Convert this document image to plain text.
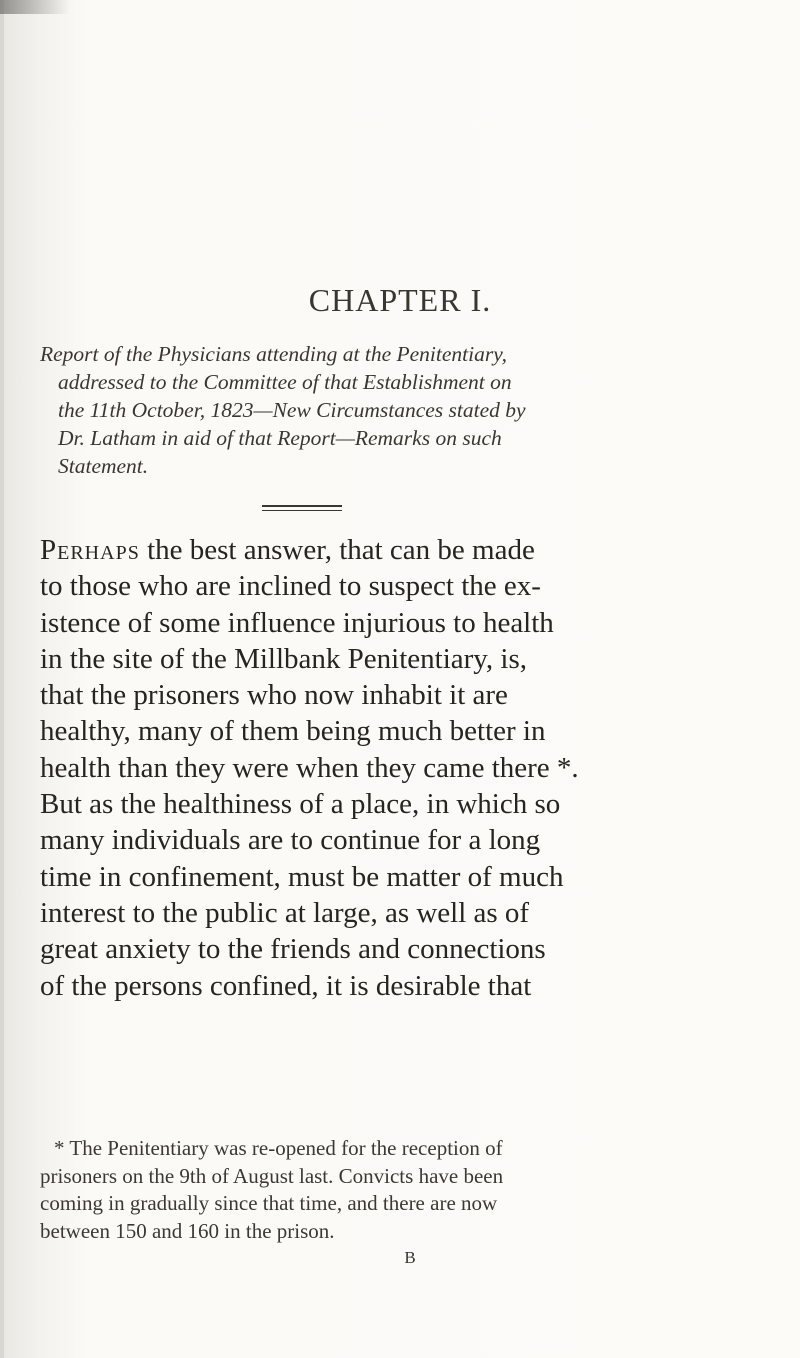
CHAPTER I.
Report of the Physicians attending at the Penitentiary,
addressed to the Committee of that Establishment on
the 11th October, 1823—New Circumstances stated by
Dr. Latham in aid of that Report—Remarks on such
Statement.
Perhaps the best answer, that can be made
to those who are inclined to suspect the ex-
istence of some influence injurious to health
in the site of the Millbank Penitentiary, is,
that the prisoners who now inhabit it are
healthy, many of them being much better in
health than they were when they came there *.
But as the healthiness of a place, in which so
many individuals are to continue for a long
time in confinement, must be matter of much
interest to the public at large, as well as of
great anxiety to the friends and connections
of the persons confined, it is desirable that
* The Penitentiary was re-opened for the reception of
prisoners on the 9th of August last. Convicts have been
coming in gradually since that time, and there are now
between 150 and 160 in the prison.
B
